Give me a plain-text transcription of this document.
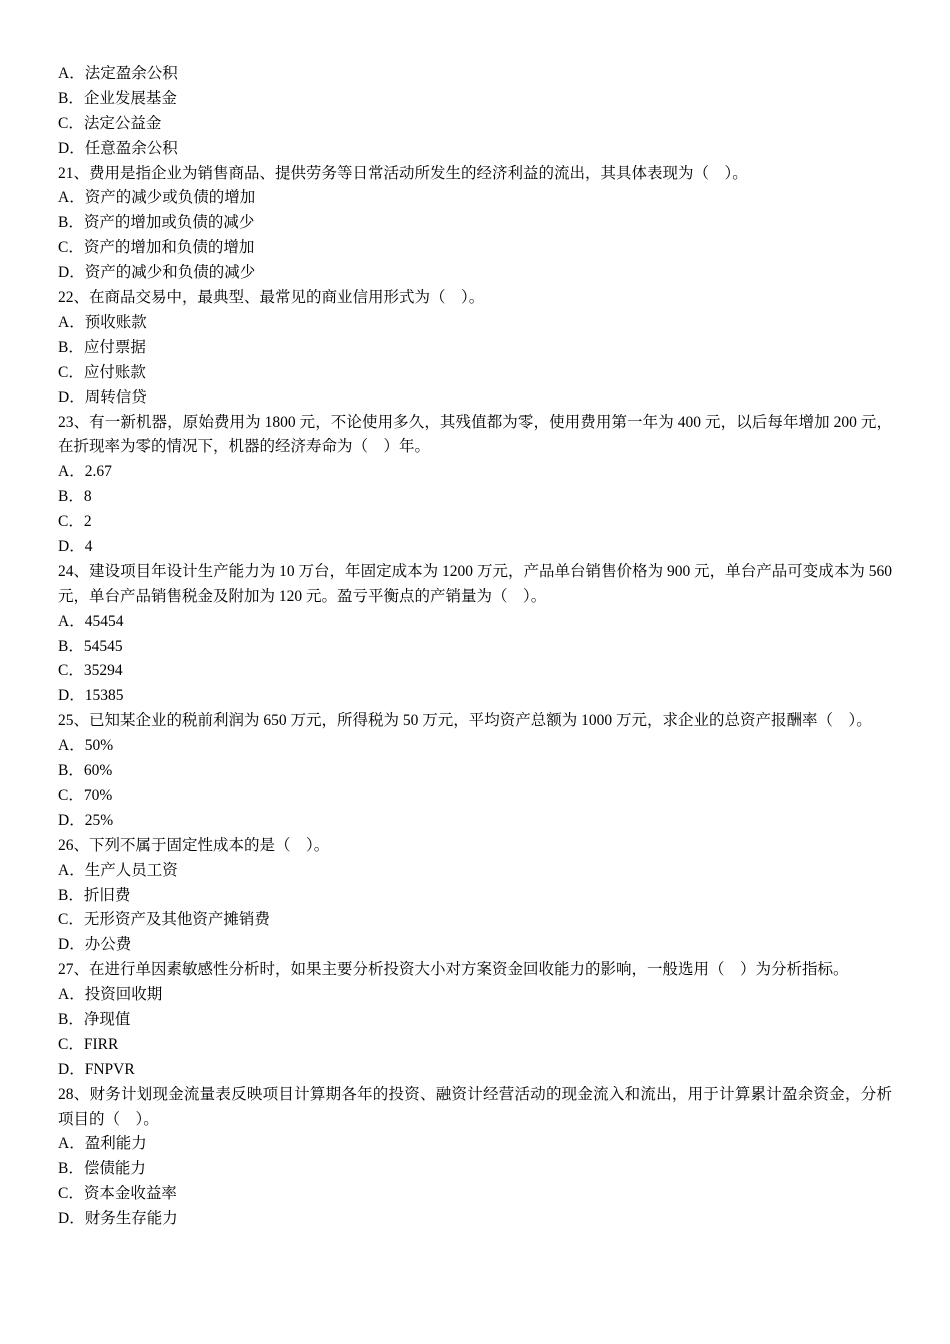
A．法定盈余公积
B．企业发展基金
C．法定公益金
D．任意盈余公积
21、费用是指企业为销售商品、提供劳务等日常活动所发生的经济利益的流出，其具体表现为（　）。
A．资产的减少或负债的增加
B．资产的增加或负债的减少
C．资产的增加和负债的增加
D．资产的减少和负债的减少
22、在商品交易中，最典型、最常见的商业信用形式为（　）。
A．预收账款
B．应付票据
C．应付账款
D．周转信贷
23、有一新机器，原始费用为 1800 元，不论使用多久，其残值都为零，使用费用第一年为 400 元，以后每年增加 200 元，在折现率为零的情况下，机器的经济寿命为（　）年。
A．2.67
B．8
C．2
D．4
24、建设项目年设计生产能力为 10 万台，年固定成本为 1200 万元，产品单台销售价格为 900 元，单台产品可变成本为 560 元，单台产品销售税金及附加为 120 元。盈亏平衡点的产销量为（　）。
A．45454
B．54545
C．35294
D．15385
25、已知某企业的税前利润为 650 万元，所得税为 50 万元，平均资产总额为 1000 万元，求企业的总资产报酬率（　）。
A．50%
B．60%
C．70%
D．25%
26、下列不属于固定性成本的是（　）。
A．生产人员工资
B．折旧费
C．无形资产及其他资产摊销费
D．办公费
27、在进行单因素敏感性分析时，如果主要分析投资大小对方案资金回收能力的影响，一般选用（　）为分析指标。
A．投资回收期
B．净现值
C．FIRR
D．FNPVR
28、财务计划现金流量表反映项目计算期各年的投资、融资计经营活动的现金流入和流出，用于计算累计盈余资金，分析项目的（　）。
A．盈利能力
B．偿债能力
C．资本金收益率
D．财务生存能力
